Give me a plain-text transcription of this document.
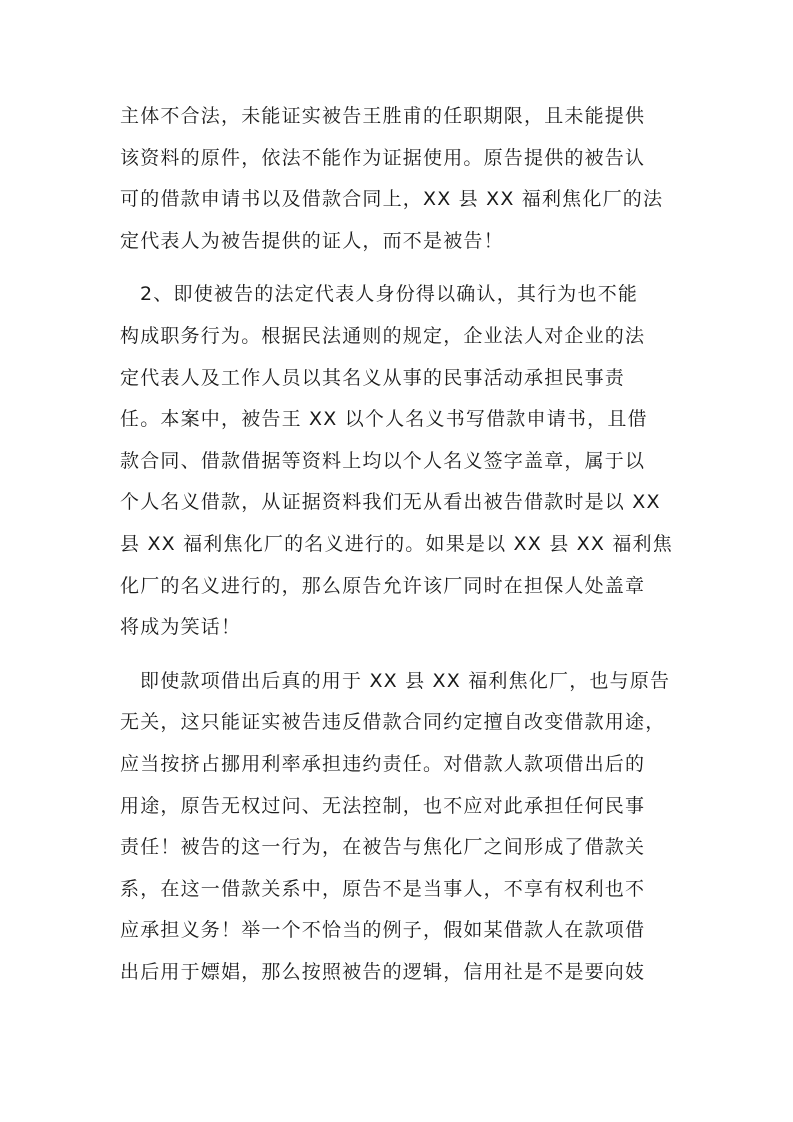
主体不合法，未能证实被告王胜甫的任职期限，且未能提供
该资料的原件，依法不能作为证据使用。原告提供的被告认
可的借款申请书以及借款合同上，XX 县 XX 福利焦化厂的法
定代表人为被告提供的证人，而不是被告！
2、即使被告的法定代表人身份得以确认，其行为也不能
构成职务行为。根据民法通则的规定，企业法人对企业的法
定代表人及工作人员以其名义从事的民事活动承担民事责
任。本案中，被告王 XX 以个人名义书写借款申请书，且借
款合同、借款借据等资料上均以个人名义签字盖章，属于以
个人名义借款，从证据资料我们无从看出被告借款时是以 XX
县 XX 福利焦化厂的名义进行的。如果是以 XX 县 XX 福利焦
化厂的名义进行的，那么原告允许该厂同时在担保人处盖章
将成为笑话！
即使款项借出后真的用于 XX 县 XX 福利焦化厂，也与原告
无关，这只能证实被告违反借款合同约定擅自改变借款用途，
应当按挤占挪用利率承担违约责任。对借款人款项借出后的
用途，原告无权过问、无法控制，也不应对此承担任何民事
责任！被告的这一行为，在被告与焦化厂之间形成了借款关
系，在这一借款关系中，原告不是当事人，不享有权利也不
应承担义务！举一个不恰当的例子，假如某借款人在款项借
出后用于嫖娼，那么按照被告的逻辑，信用社是不是要向妓
